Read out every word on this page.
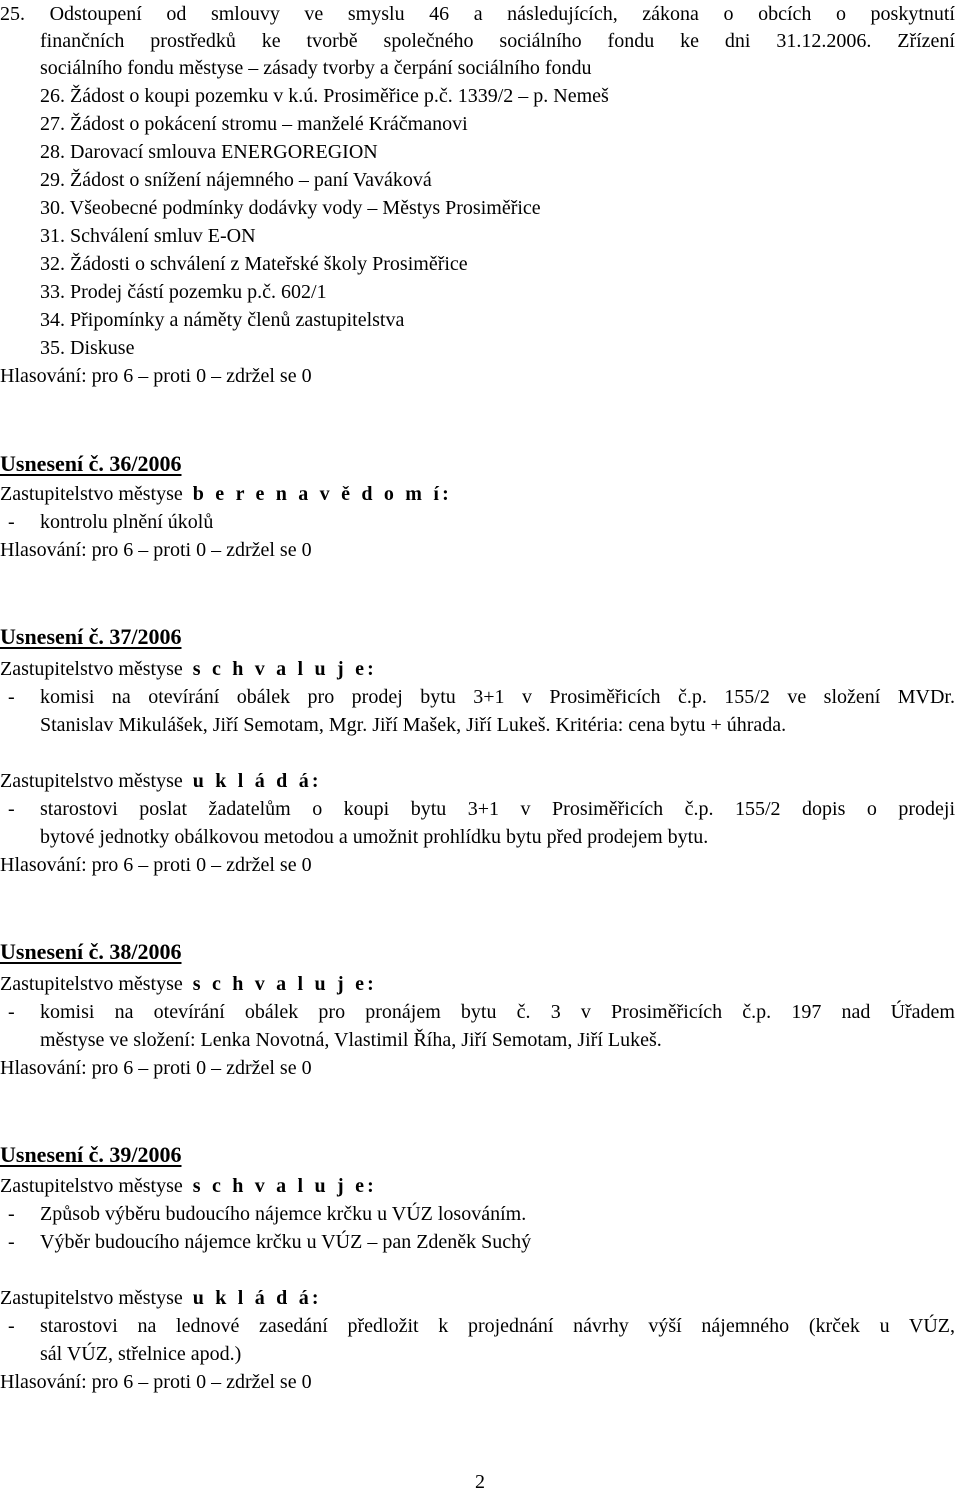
25. Odstoupení od smlouvy ve smyslu 46 a následujících, zákona o obcích o poskytnutí
finančních prostředků ke tvorbě společného sociálního fondu ke dni 31.12.2006. Zřízení
sociálního fondu městyse – zásady tvorby a čerpání sociálního fondu
26. Žádost o koupi pozemku v k.ú. Prosiměřice p.č. 1339/2 – p. Nemeš
27. Žádost o pokácení stromu – manželé Kráčmanovi
28. Darovací smlouva ENERGOREGION
29. Žádost o snížení nájemného – paní Vaváková
30. Všeobecné podmínky dodávky vody – Městys Prosiměřice
31. Schválení smluv E-ON
32. Žádosti o schválení z Mateřské školy Prosiměřice
33. Prodej částí pozemku p.č. 602/1
34. Připomínky a náměty členů zastupitelstva
35. Diskuse
Hlasování: pro 6 – proti 0 – zdržel se 0
Usnesení č. 36/2006
Zastupitelstvo městyse b e r e n a v ě d o m í:
- kontrolu plnění úkolů
Hlasování: pro 6 – proti 0 – zdržel se 0
Usnesení č. 37/2006
Zastupitelstvo městyse s c h v a l u j e:
- komisi na otevírání obálek pro prodej bytu 3+1 v Prosiměřicích č.p. 155/2 ve složení MVDr.
Stanislav Mikulášek, Jiří Semotam, Mgr. Jiří Mašek, Jiří Lukeš. Kritéria: cena bytu + úhrada.
Zastupitelstvo městyse u k l á d á:
- starostovi poslat žadatelům o koupi bytu 3+1 v Prosiměřicích č.p. 155/2 dopis o prodeji
bytové jednotky obálkovou metodou a umožnit prohlídku bytu před prodejem bytu.
Hlasování: pro 6 – proti 0 – zdržel se 0
Usnesení č. 38/2006
Zastupitelstvo městyse s c h v a l u j e:
- komisi na otevírání obálek pro pronájem bytu č. 3 v Prosiměřicích č.p. 197 nad Úřadem
městyse ve složení: Lenka Novotná, Vlastimil Říha, Jiří Semotam, Jiří Lukeš.
Hlasování: pro 6 – proti 0 – zdržel se 0
Usnesení č. 39/2006
Zastupitelstvo městyse s c h v a l u j e:
- Způsob výběru budoucího nájemce krčku u VÚZ losováním.
- Výběr budoucího nájemce krčku u VÚZ – pan Zdeněk Suchý
Zastupitelstvo městyse u k l á d á:
- starostovi na lednové zasedání předložit k projednání návrhy výší nájemného (krček u VÚZ,
sál VÚZ, střelnice apod.)
Hlasování: pro 6 – proti 0 – zdržel se 0
2
